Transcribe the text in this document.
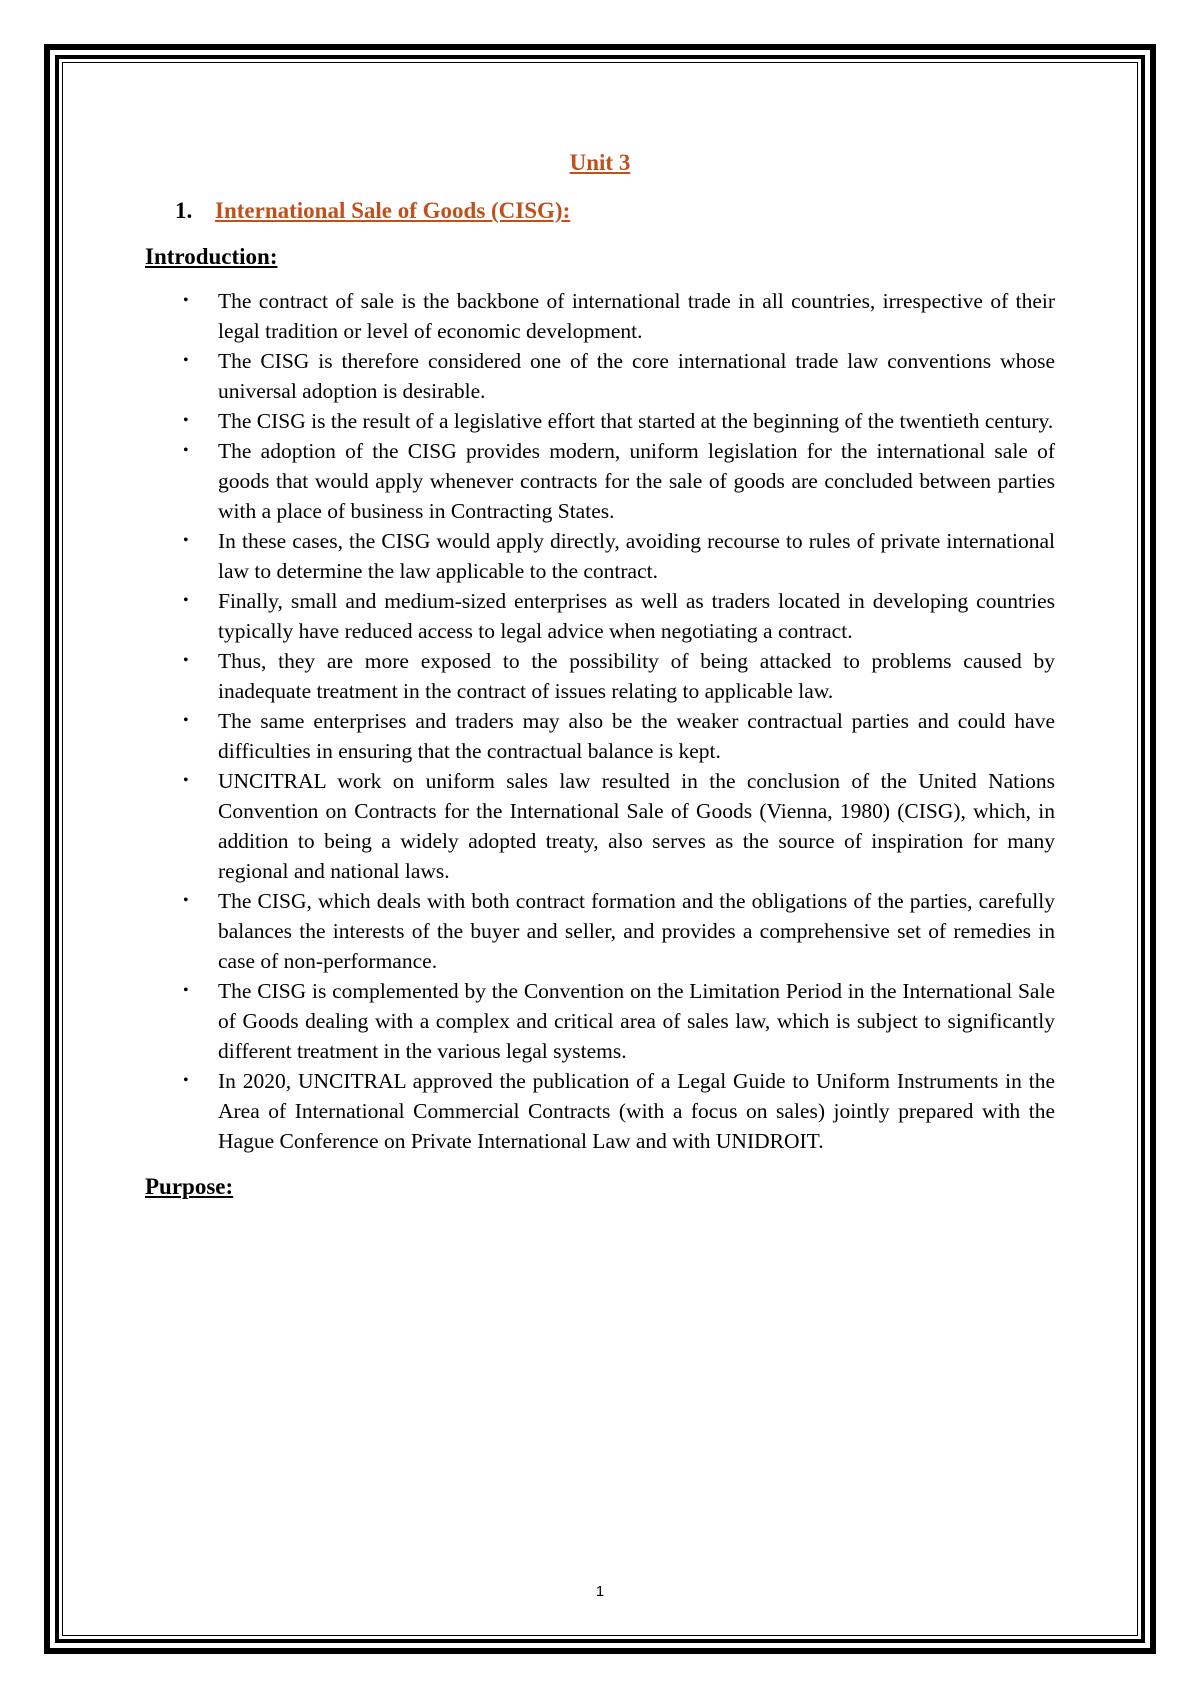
Unit 3
1. International Sale of Goods (CISG):
Introduction:
• The contract of sale is the backbone of international trade in all countries, irrespective of their legal tradition or level of economic development.
• The CISG is therefore considered one of the core international trade law conventions whose universal adoption is desirable.
• The CISG is the result of a legislative effort that started at the beginning of the twentieth century.
• The adoption of the CISG provides modern, uniform legislation for the international sale of goods that would apply whenever contracts for the sale of goods are concluded between parties with a place of business in Contracting States.
• In these cases, the CISG would apply directly, avoiding recourse to rules of private international law to determine the law applicable to the contract.
• Finally, small and medium-sized enterprises as well as traders located in developing countries typically have reduced access to legal advice when negotiating a contract.
• Thus, they are more exposed to the possibility of being attacked to problems caused by inadequate treatment in the contract of issues relating to applicable law.
• The same enterprises and traders may also be the weaker contractual parties and could have difficulties in ensuring that the contractual balance is kept.
• UNCITRAL work on uniform sales law resulted in the conclusion of the United Nations Convention on Contracts for the International Sale of Goods (Vienna, 1980) (CISG), which, in addition to being a widely adopted treaty, also serves as the source of inspiration for many regional and national laws.
• The CISG, which deals with both contract formation and the obligations of the parties, carefully balances the interests of the buyer and seller, and provides a comprehensive set of remedies in case of non-performance.
• The CISG is complemented by the Convention on the Limitation Period in the International Sale of Goods dealing with a complex and critical area of sales law, which is subject to significantly different treatment in the various legal systems.
• In 2020, UNCITRAL approved the publication of a Legal Guide to Uniform Instruments in the Area of International Commercial Contracts (with a focus on sales) jointly prepared with the Hague Conference on Private International Law and with UNIDROIT.
Purpose:
1
